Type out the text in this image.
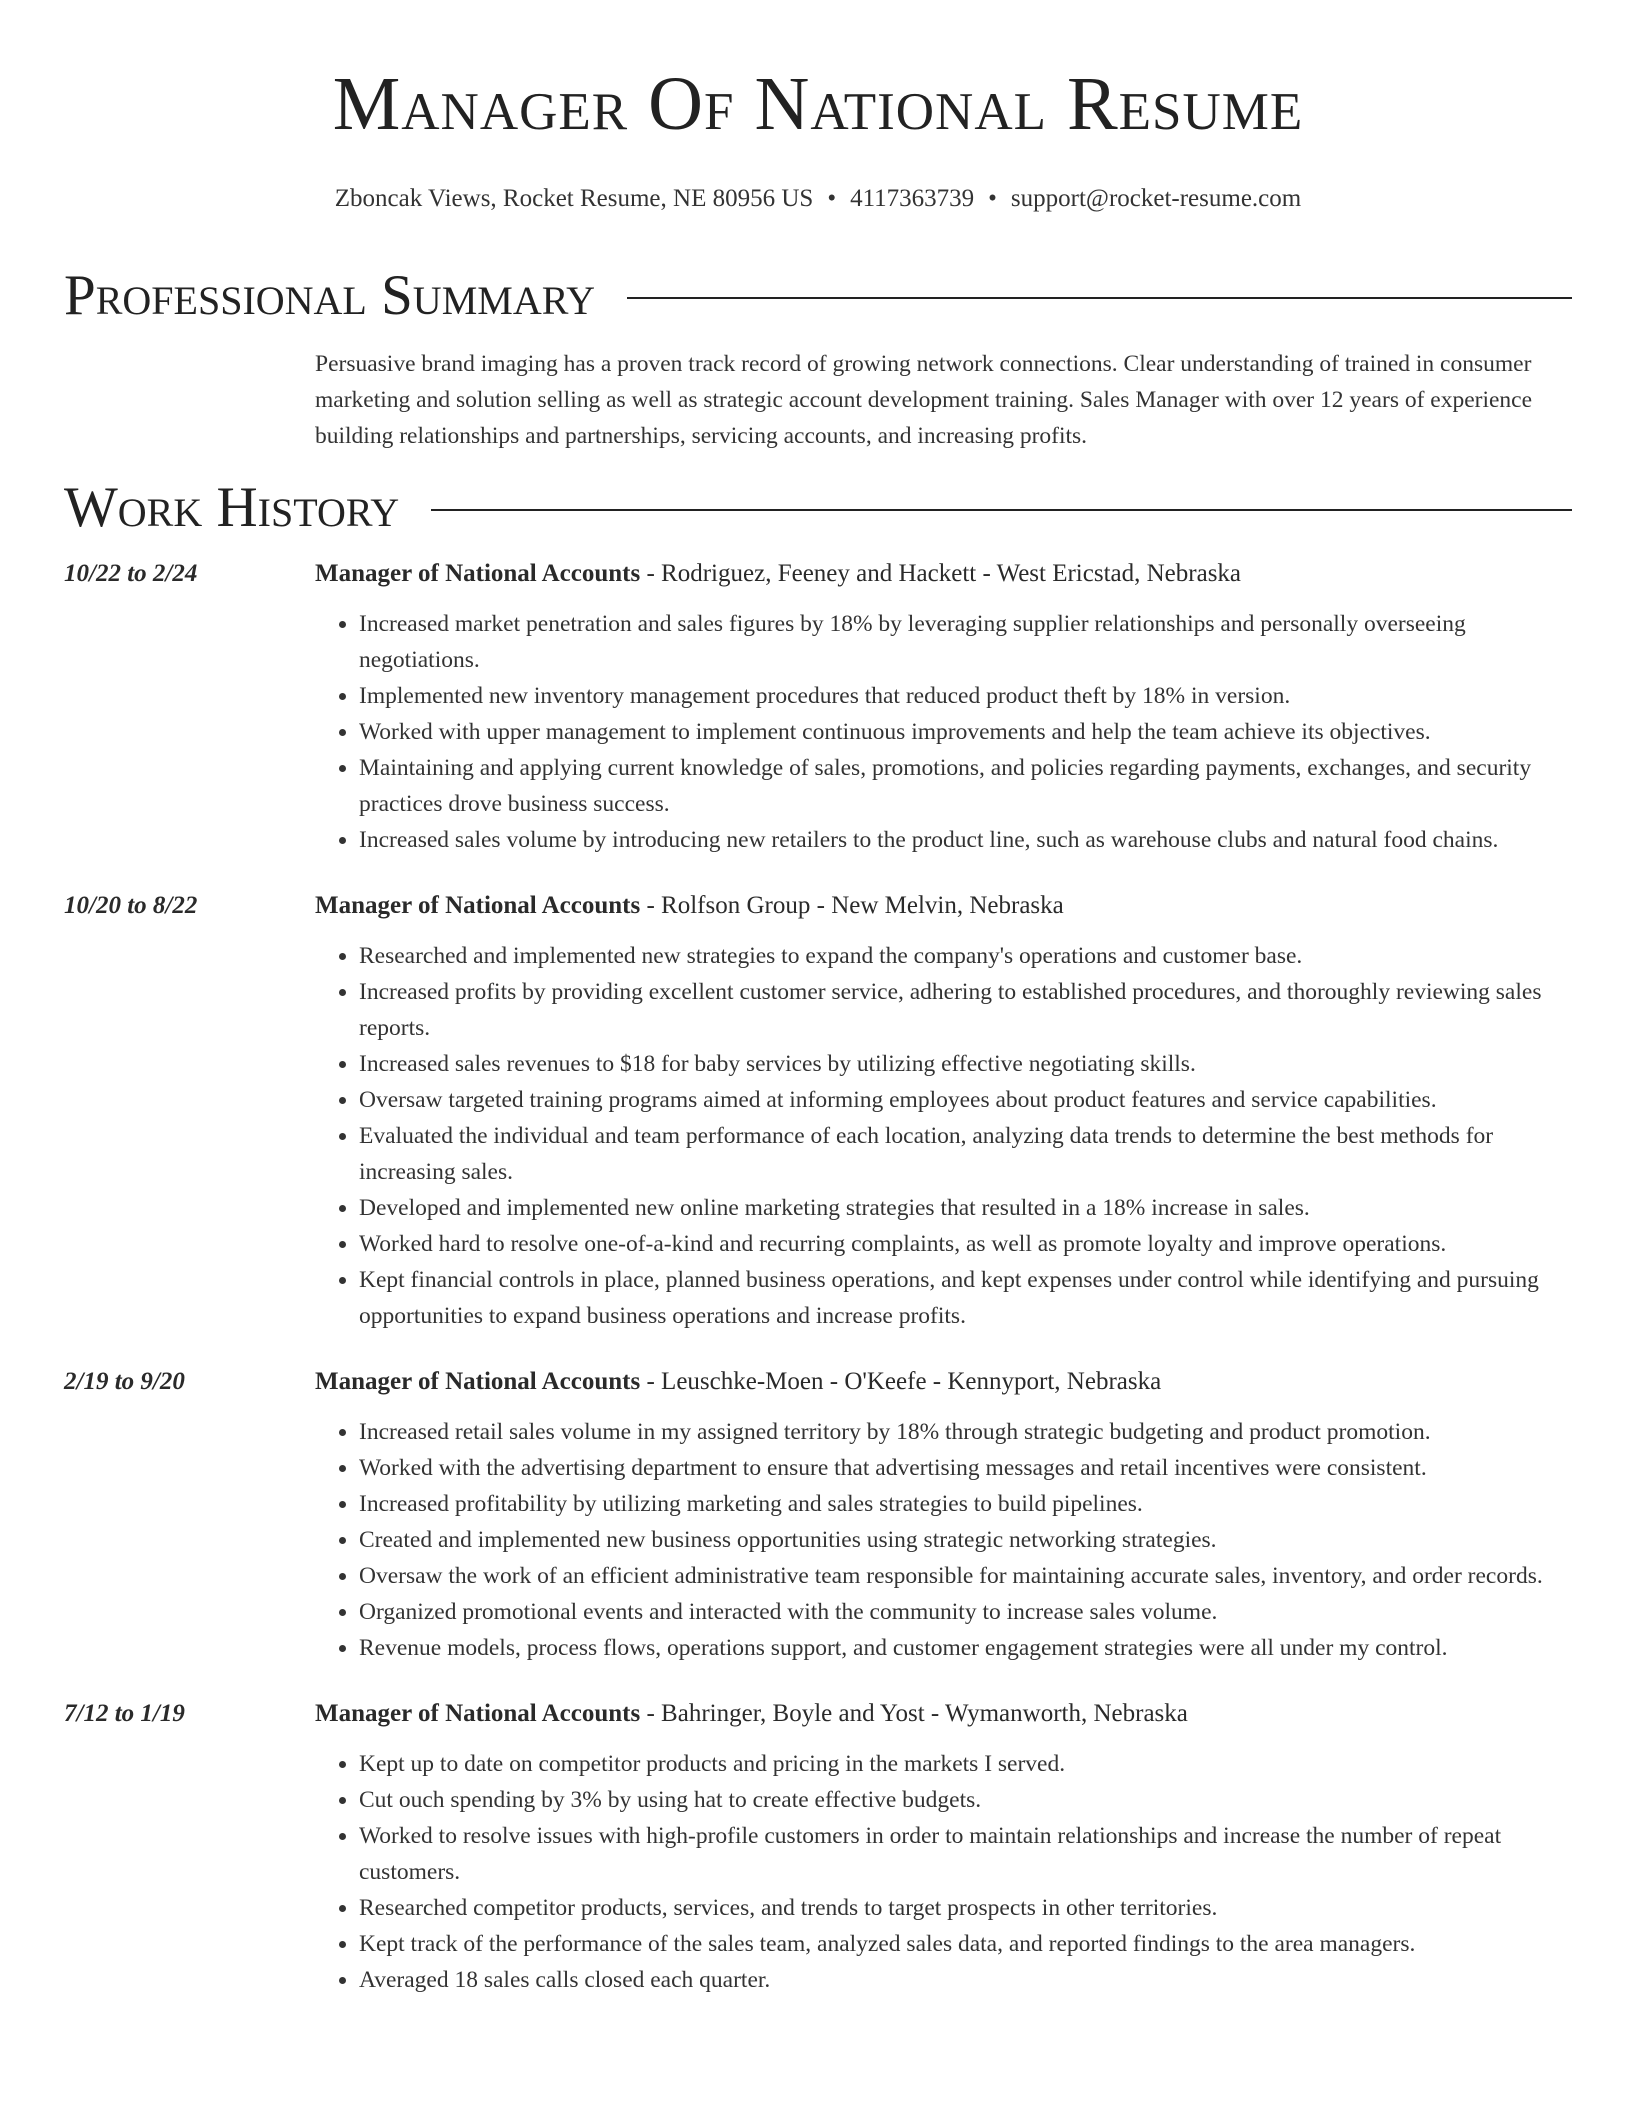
Manager Of National Resume
Zboncak Views, Rocket Resume, NE 80956 US • 4117363739 • support@rocket-resume.com
Professional Summary
Persuasive brand imaging has a proven track record of growing network connections. Clear understanding of trained in consumer marketing and solution selling as well as strategic account development training. Sales Manager with over 12 years of experience building relationships and partnerships, servicing accounts, and increasing profits.
Work History
10/22 to 2/24	Manager of National Accounts - Rodriguez, Feeney and Hackett - West Ericstad, Nebraska
• Increased market penetration and sales figures by 18% by leveraging supplier relationships and personally overseeing negotiations.
• Implemented new inventory management procedures that reduced product theft by 18% in version.
• Worked with upper management to implement continuous improvements and help the team achieve its objectives.
• Maintaining and applying current knowledge of sales, promotions, and policies regarding payments, exchanges, and security practices drove business success.
• Increased sales volume by introducing new retailers to the product line, such as warehouse clubs and natural food chains.
10/20 to 8/22	Manager of National Accounts - Rolfson Group - New Melvin, Nebraska
• Researched and implemented new strategies to expand the company's operations and customer base.
• Increased profits by providing excellent customer service, adhering to established procedures, and thoroughly reviewing sales reports.
• Increased sales revenues to $18 for baby services by utilizing effective negotiating skills.
• Oversaw targeted training programs aimed at informing employees about product features and service capabilities.
• Evaluated the individual and team performance of each location, analyzing data trends to determine the best methods for increasing sales.
• Developed and implemented new online marketing strategies that resulted in a 18% increase in sales.
• Worked hard to resolve one-of-a-kind and recurring complaints, as well as promote loyalty and improve operations.
• Kept financial controls in place, planned business operations, and kept expenses under control while identifying and pursuing opportunities to expand business operations and increase profits.
2/19 to 9/20	Manager of National Accounts - Leuschke-Moen - O'Keefe - Kennyport, Nebraska
• Increased retail sales volume in my assigned territory by 18% through strategic budgeting and product promotion.
• Worked with the advertising department to ensure that advertising messages and retail incentives were consistent.
• Increased profitability by utilizing marketing and sales strategies to build pipelines.
• Created and implemented new business opportunities using strategic networking strategies.
• Oversaw the work of an efficient administrative team responsible for maintaining accurate sales, inventory, and order records.
• Organized promotional events and interacted with the community to increase sales volume.
• Revenue models, process flows, operations support, and customer engagement strategies were all under my control.
7/12 to 1/19	Manager of National Accounts - Bahringer, Boyle and Yost - Wymanworth, Nebraska
• Kept up to date on competitor products and pricing in the markets I served.
• Cut ouch spending by 3% by using hat to create effective budgets.
• Worked to resolve issues with high-profile customers in order to maintain relationships and increase the number of repeat customers.
• Researched competitor products, services, and trends to target prospects in other territories.
• Kept track of the performance of the sales team, analyzed sales data, and reported findings to the area managers.
• Averaged 18 sales calls closed each quarter.
